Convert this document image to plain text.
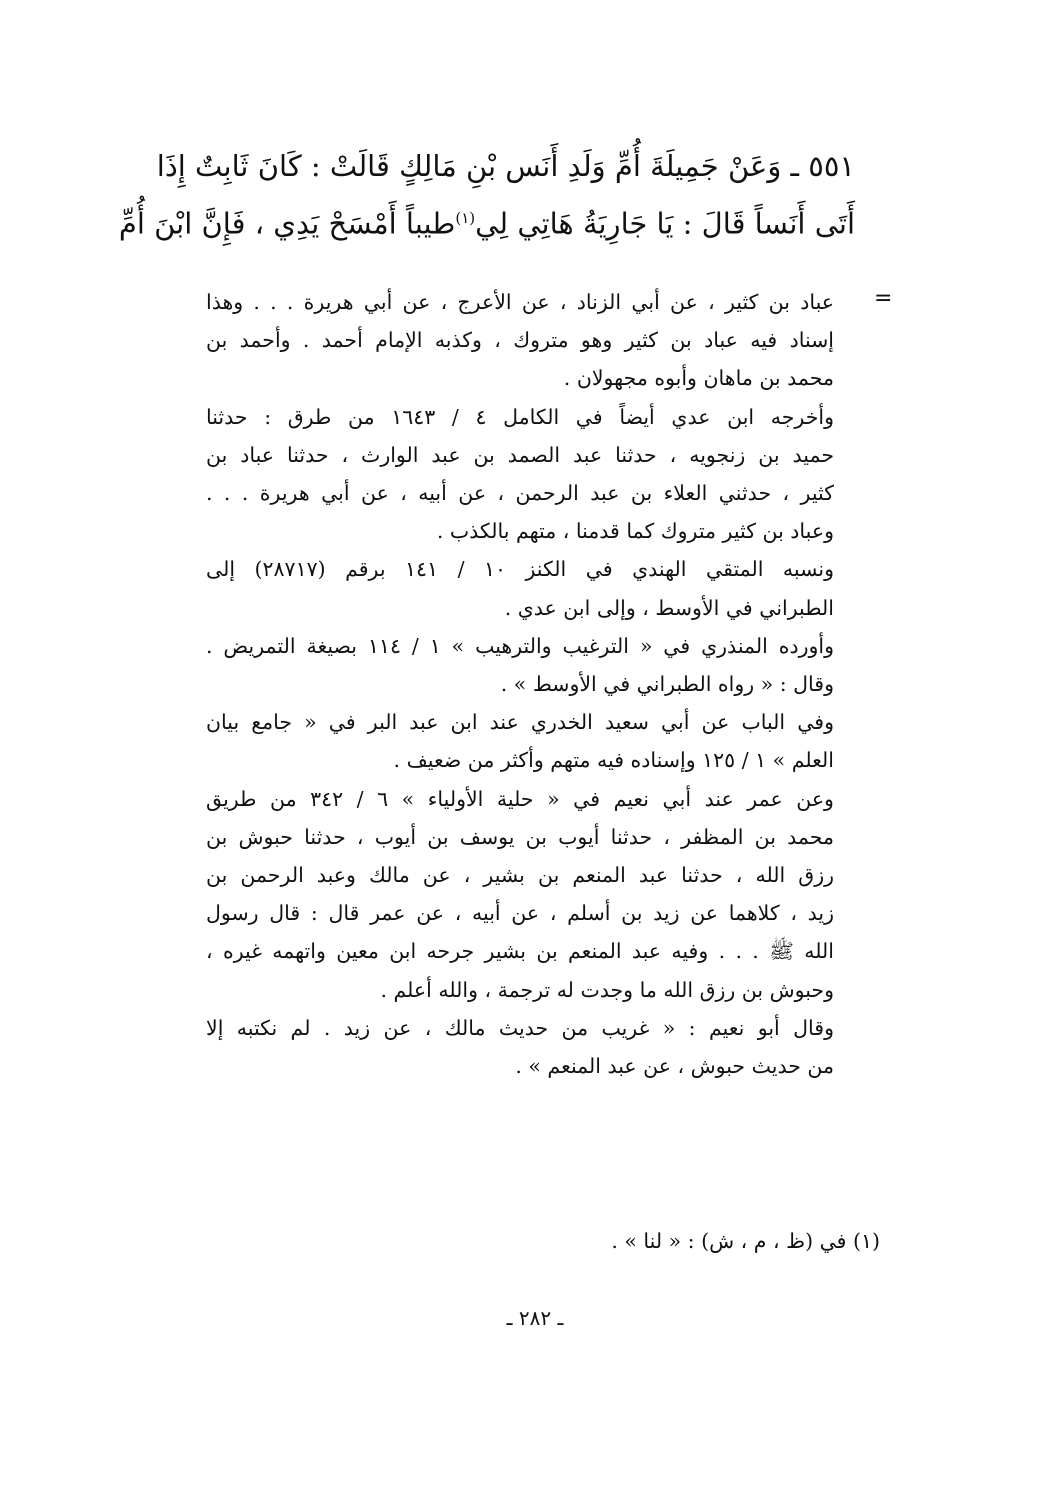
٥٥١ ـ وَعَنْ جَمِيلَةَ أُمِّ وَلَدِ أَنَس بْنِ مَالِكٍ قَالَتْ : كَانَ ثَابِتٌ إِذَا
أَتَى أَنَساً قَالَ : يَا جَارِيَةُ هَاتِي لِي$^{(١)}$طيباً أَمْسَحْ يَدِي ، فَإِنَّ ابْنَ أُمِّ
=
عباد بن كثير ، عن أبي الزناد ، عن الأعرج ، عن أبي هريرة . . . وهذا
إسناد فيه عباد بن كثير وهو متروك ، وكذبه الإمام أحمد . وأحمد بن
محمد بن ماهان وأبوه مجهولان .
وأخرجه ابن عدي أيضاً في الكامل ٤ / ١٦٤٣ من طرق : حدثنا
حميد بن زنجويه ، حدثنا عبد الصمد بن عبد الوارث ، حدثنا عباد بن
كثير ، حدثني العلاء بن عبد الرحمن ، عن أبيه ، عن أبي هريرة . . .
وعباد بن كثير متروك كما قدمنا ، متهم بالكذب .
ونسبه المتقي الهندي في الكنز ١٠ / ١٤١ برقم (٢٨٧١٧) إلى
الطبراني في الأوسط ، وإلى ابن عدي .
وأورده المنذري في « الترغيب والترهيب » ١ / ١١٤ بصيغة التمريض .
وقال : « رواه الطبراني في الأوسط » .
وفي الباب عن أبي سعيد الخدري عند ابن عبد البر في « جامع بيان
العلم » ١ / ١٢٥ وإسناده فيه متهم وأكثر من ضعيف .
وعن عمر عند أبي نعيم في « حلية الأولياء » ٦ / ٣٤٢ من طريق
محمد بن المظفر ، حدثنا أيوب بن يوسف بن أيوب ، حدثنا حبوش بن
رزق الله ، حدثنا عبد المنعم بن بشير ، عن مالك وعبد الرحمن بن
زيد ، كلاهما عن زيد بن أسلم ، عن أبيه ، عن عمر قال : قال رسول
الله ﷺ . . . وفيه عبد المنعم بن بشير جرحه ابن معين واتهمه غيره ،
وحبوش بن رزق الله ما وجدت له ترجمة ، والله أعلم .
وقال أبو نعيم : « غريب من حديث مالك ، عن زيد . لم نكتبه إلا
من حديث حبوش ، عن عبد المنعم » .
(١) في (ظ ، م ، ش) : « لنا » .
ـ ٢٨٢ ـ
